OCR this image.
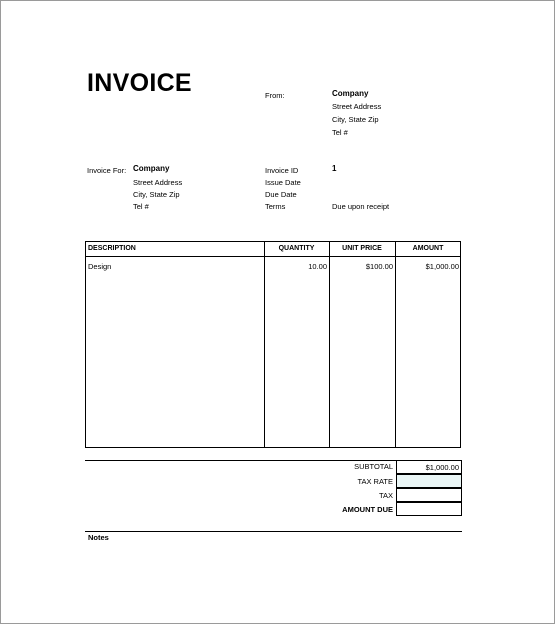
INVOICE	From:	Company
Street Address
City, State Zip
Tel #
Invoice For: Company
Street Address
City, State Zip
Tel #
Invoice ID	1
Issue Date
Due Date
Terms	Due upon receipt
DESCRIPTION	QUANTITY	UNIT PRICE	AMOUNT
Design	10.00	$100.00	$1,000.00
SUBTOTAL	$1,000.00
TAX RATE
TAX
AMOUNT DUE
Notes
